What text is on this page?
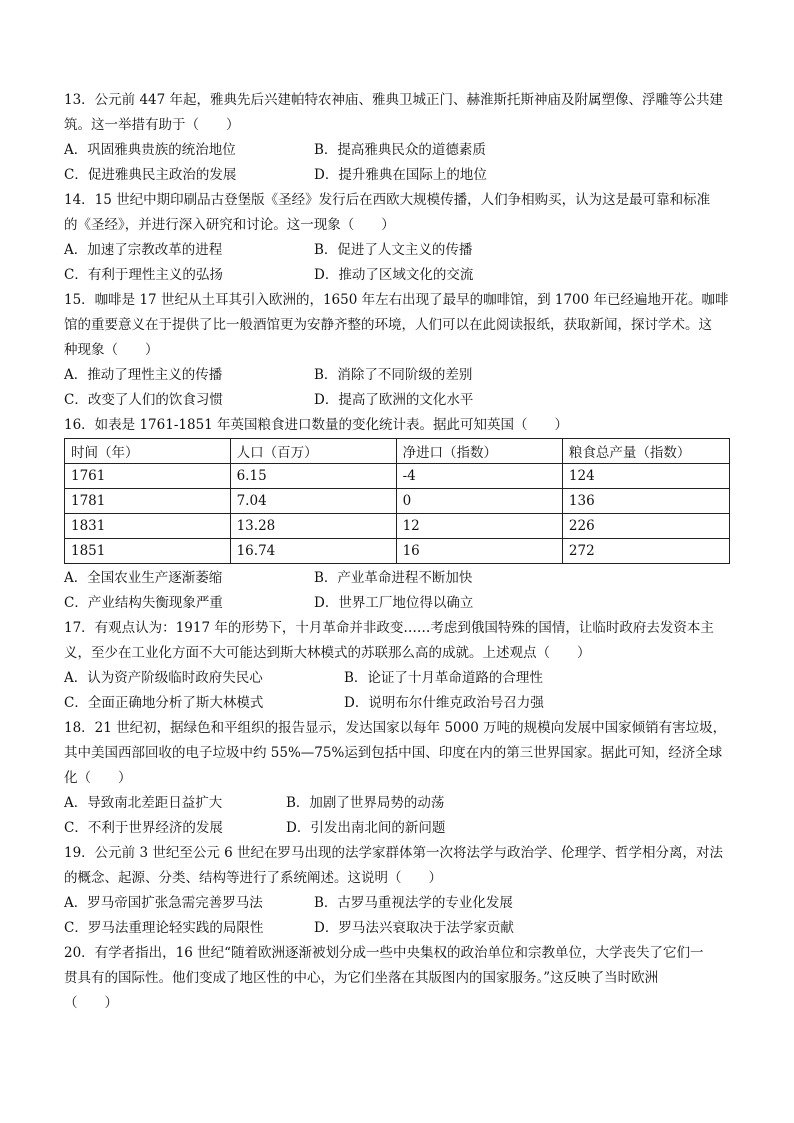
13．公元前 447 年起，雅典先后兴建帕特农神庙、雅典卫城正门、赫淮斯托斯神庙及附属塑像、浮雕等公共建
筑。这一举措有助于（　　）
A．巩固雅典贵族的统治地位	B．提高雅典民众的道德素质
C．促进雅典民主政治的发展	D．提升雅典在国际上的地位
14．15 世纪中期印刷品古登堡版《圣经》发行后在西欧大规模传播，人们争相购买，认为这是最可靠和标准
的《圣经》，并进行深入研究和讨论。这一现象（　　）
A．加速了宗教改革的进程	B．促进了人文主义的传播
C．有利于理性主义的弘扬	D．推动了区域文化的交流
15．咖啡是 17 世纪从土耳其引入欧洲的，1650 年左右出现了最早的咖啡馆，到 1700 年已经遍地开花。咖啡
馆的重要意义在于提供了比一般酒馆更为安静齐整的环境，人们可以在此阅读报纸，获取新闻，探讨学术。这
种现象（　　）
A．推动了理性主义的传播	B．消除了不同阶级的差别
C．改变了人们的饮食习惯	D．提高了欧洲的文化水平
16．如表是 1761-1851 年英国粮食进口数量的变化统计表。据此可知英国（　　）
时间（年）	人口（百万）	净进口（指数）	粮食总产量（指数）
1761	6.15	-4	124
1781	7.04	0	136
1831	13.28	12	226
1851	16.74	16	272
A．全国农业生产逐渐萎缩	B．产业革命进程不断加快
C．产业结构失衡现象严重	D．世界工厂地位得以确立
17．有观点认为：1917 年的形势下，十月革命并非政变……考虑到俄国特殊的国情，让临时政府去发资本主
义，至少在工业化方面不大可能达到斯大林模式的苏联那么高的成就。上述观点（　　）
A．认为资产阶级临时政府失民心	B．论证了十月革命道路的合理性
C．全面正确地分析了斯大林模式	D．说明布尔什维克政治号召力强
18．21 世纪初，据绿色和平组织的报告显示，发达国家以每年 5000 万吨的规模向发展中国家倾销有害垃圾，
其中美国西部回收的电子垃圾中约 55%—75%运到包括中国、印度在内的第三世界国家。据此可知，经济全球
化（　　）
A．导致南北差距日益扩大	B．加剧了世界局势的动荡
C．不利于世界经济的发展	D．引发出南北间的新问题
19．公元前 3 世纪至公元 6 世纪在罗马出现的法学家群体第一次将法学与政治学、伦理学、哲学相分离，对法
的概念、起源、分类、结构等进行了系统阐述。这说明（　　）
A．罗马帝国扩张急需完善罗马法	B．古罗马重视法学的专业化发展
C．罗马法重理论轻实践的局限性	D．罗马法兴衰取决于法学家贡献
20．有学者指出，16 世纪“随着欧洲逐渐被划分成一些中央集权的政治单位和宗教单位，大学丧失了它们一
贯具有的国际性。他们变成了地区性的中心，为它们坐落在其版图内的国家服务。”这反映了当时欧洲
（　　）
